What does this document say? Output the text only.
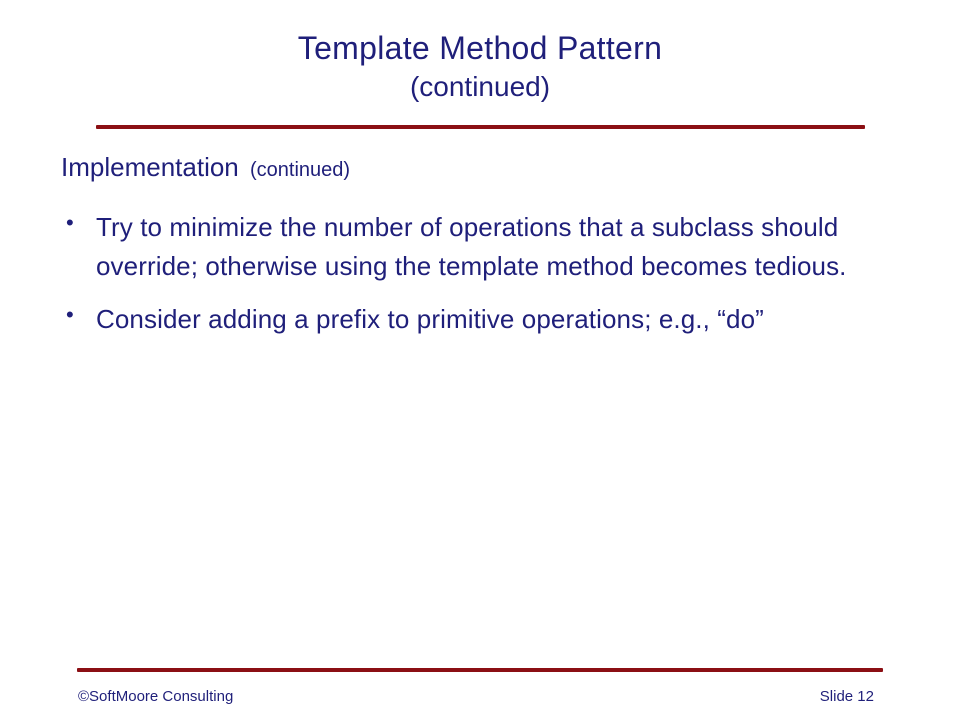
Template Method Pattern
(continued)
Implementation (continued)
• Try to minimize the number of operations that a subclass should override; otherwise using the template method becomes tedious.
• Consider adding a prefix to primitive operations; e.g., “do”
©SoftMoore Consulting	Slide 12
